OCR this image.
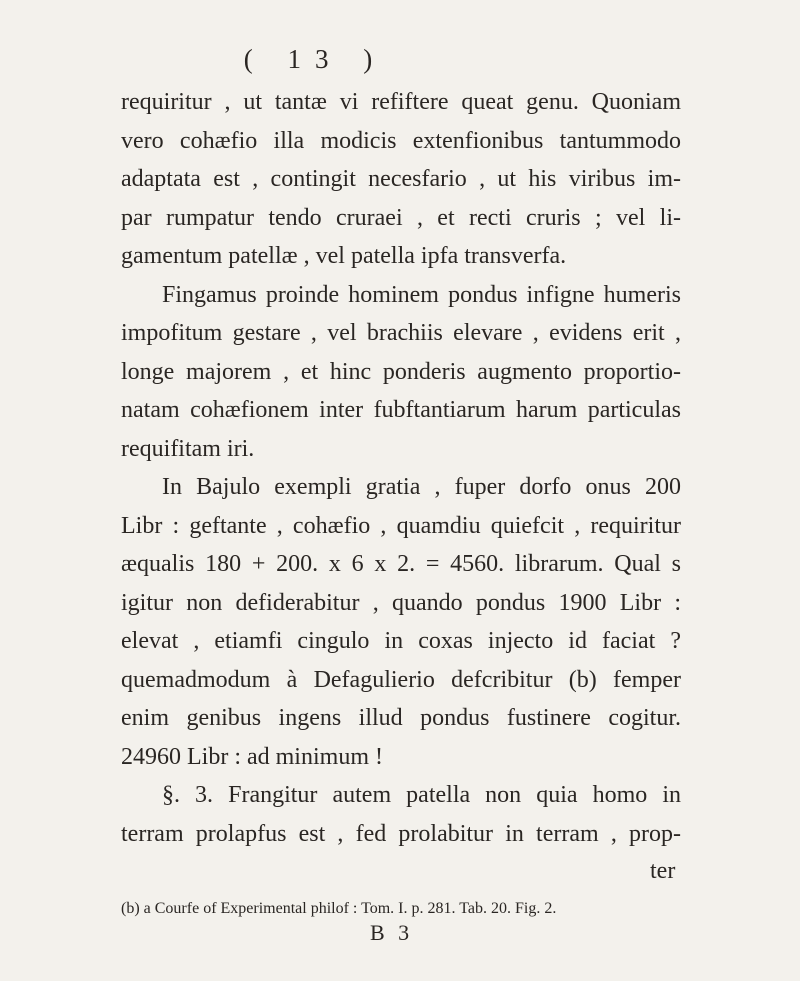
( 13 )
requiritur , ut tantæ vi refiftere queat genu. Quoniam
vero cohæfio illa modicis extenfionibus tantummodo
adaptata est , contingit necesfario , ut his viribus im-
par rumpatur tendo cruraei , et recti cruris ; vel li-
gamentum patellæ , vel patella ipfa transverfa.
Fingamus proinde hominem pondus infigne humeris
impofitum gestare , vel brachiis elevare , evidens erit ,
longe majorem , et hinc ponderis augmento proportio-
natam cohæfionem inter fubftantiarum harum particulas
requifitam iri.
In Bajulo exempli gratia , fuper dorfo onus 200
Libr : geftante , cohæfio , quamdiu quiefcit , requiritur
æqualis 180 + 200. x 6 x 2. = 4560. librarum. Qual s
igitur non defiderabitur , quando pondus 1900 Libr :
elevat , etiamfi cingulo in coxas injecto id faciat ?
quemadmodum à Defagulierio defcribitur (b) femper
enim genibus ingens illud pondus fustinere cogitur.
24960 Libr : ad minimum !
§. 3. Frangitur autem patella non quia homo in
terram prolapfus est , fed prolabitur in terram , prop-
ter
(b) a Courfe of Experimental philof : Tom. I. p. 281. Tab. 20. Fig. 2.
B 3
